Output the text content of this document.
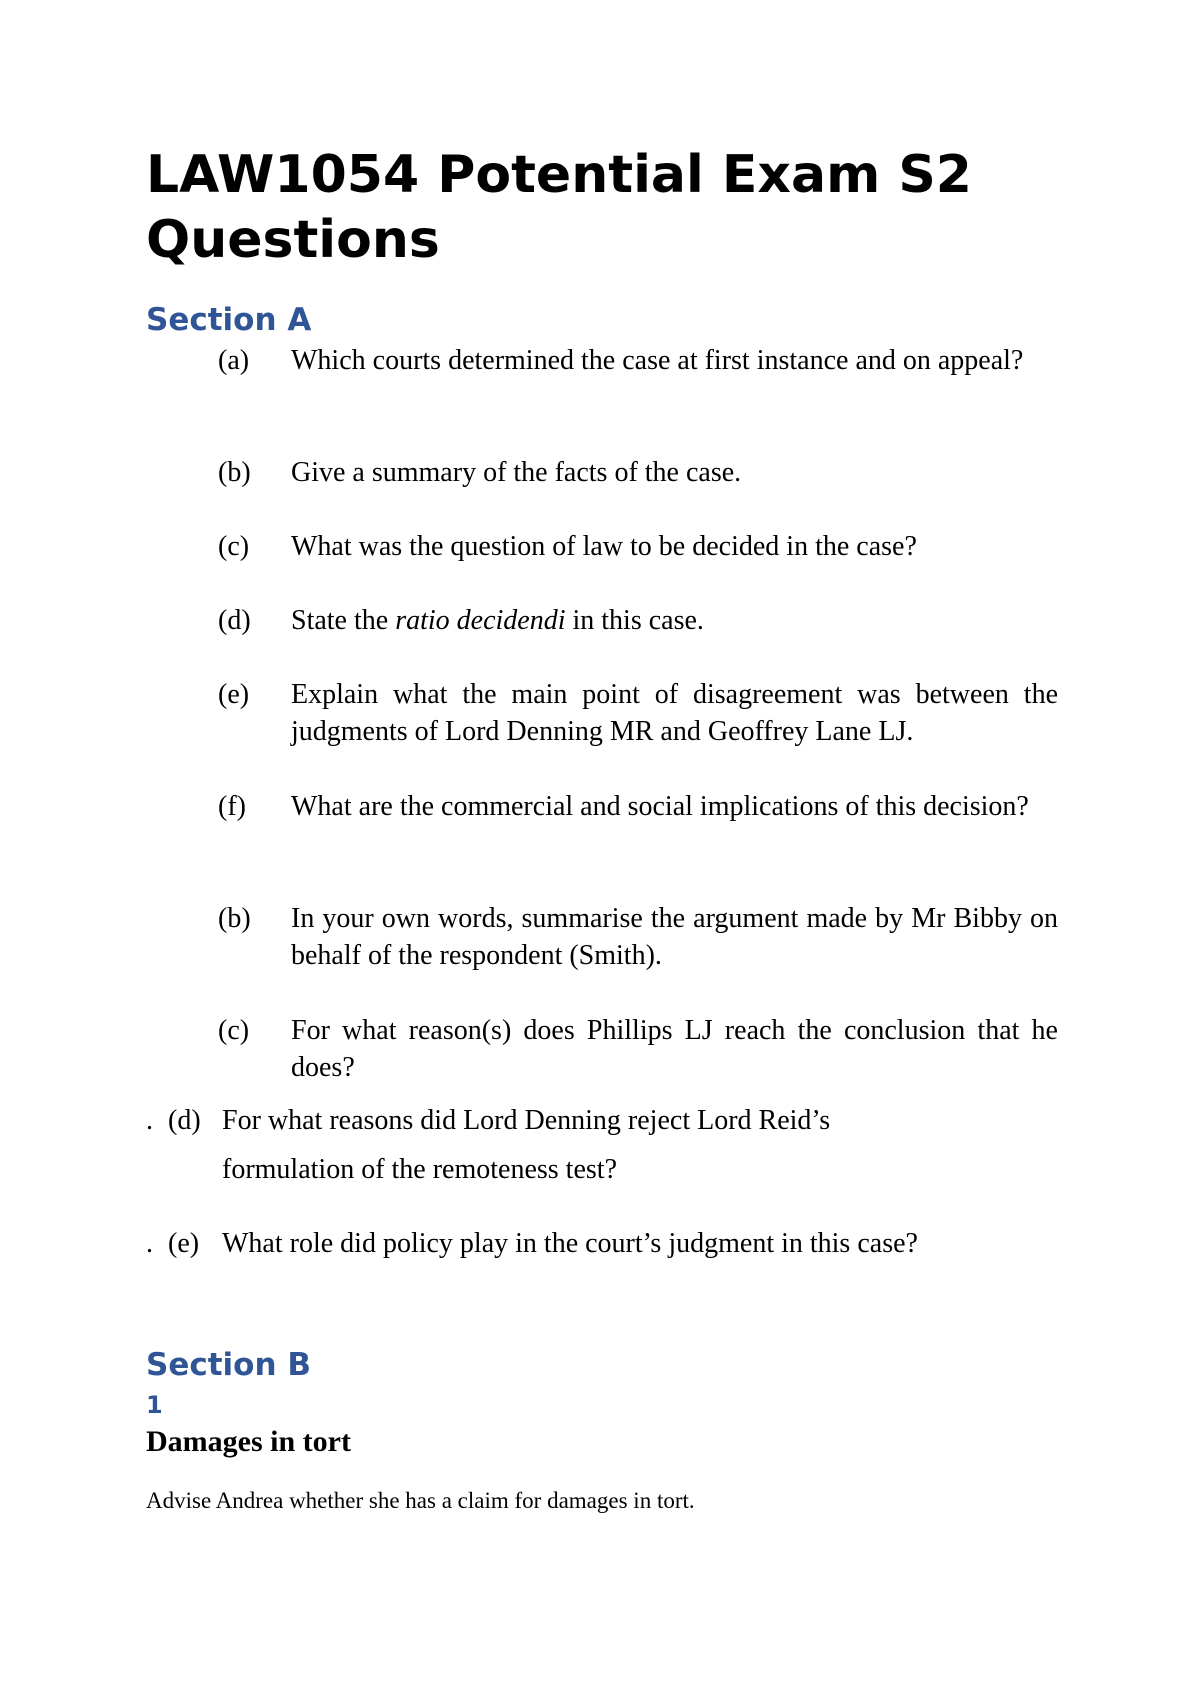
LAW1054 Potential Exam S2 Questions
Section A
(a) Which courts determined the case at first instance and on appeal?
(b) Give a summary of the facts of the case.
(c) What was the question of law to be decided in the case?
(d) State the ratio decidendi in this case.
(e) Explain what the main point of disagreement was between the judgments of Lord Denning MR and Geoffrey Lane LJ.
(f) What are the commercial and social implications of this decision?
(b) In your own words, summarise the argument made by Mr Bibby on behalf of the respondent (Smith).
(c) For what reason(s) does Phillips LJ reach the conclusion that he does?
. (d) For what reasons did Lord Denning reject Lord Reid’s
formulation of the remoteness test?
. (e) What role did policy play in the court’s judgment in this case?
Section B
1
Damages in tort
Advise Andrea whether she has a claim for damages in tort.
